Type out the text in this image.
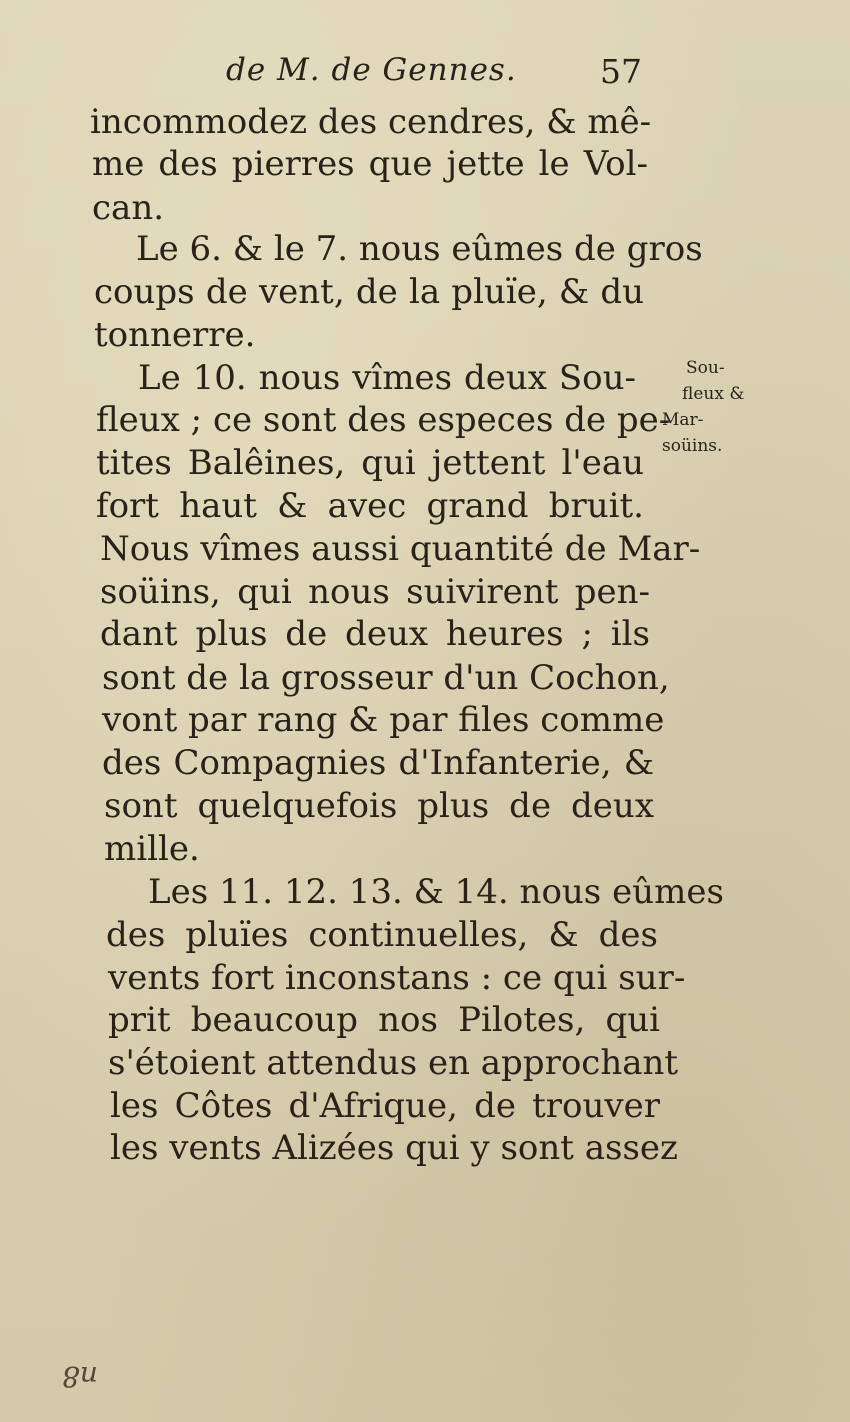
de M. de Gennes.	57
incommodez des cendres, & mê-
me des pierres que jette le Vol-
can.
Le 6. & le 7. nous eûmes de gros
coups de vent, de la pluïe, & du
tonnerre.
Le 10. nous vîmes deux Sou-
fleux ; ce sont des especes de pe-
tites Balêines, qui jettent l'eau
fort haut & avec grand bruit.
Nous vîmes aussi quantité de Mar-
soüins, qui nous suivirent pen-
dant plus de deux heures ; ils
sont de la grosseur d'un Cochon,
vont par rang & par files comme
des Compagnies d'Infanterie, &
sont quelquefois plus de deux
mille.
Les 11. 12. 13. & 14. nous eûmes
des pluïes continuelles, & des
vents fort inconstans : ce qui sur-
prit beaucoup nos Pilotes, qui
s'étoient attendus en approchant
les Côtes d'Afrique, de trouver
les vents Alizées qui y sont assez
Sou-
fleux &
Mar-
soüins.
n8
